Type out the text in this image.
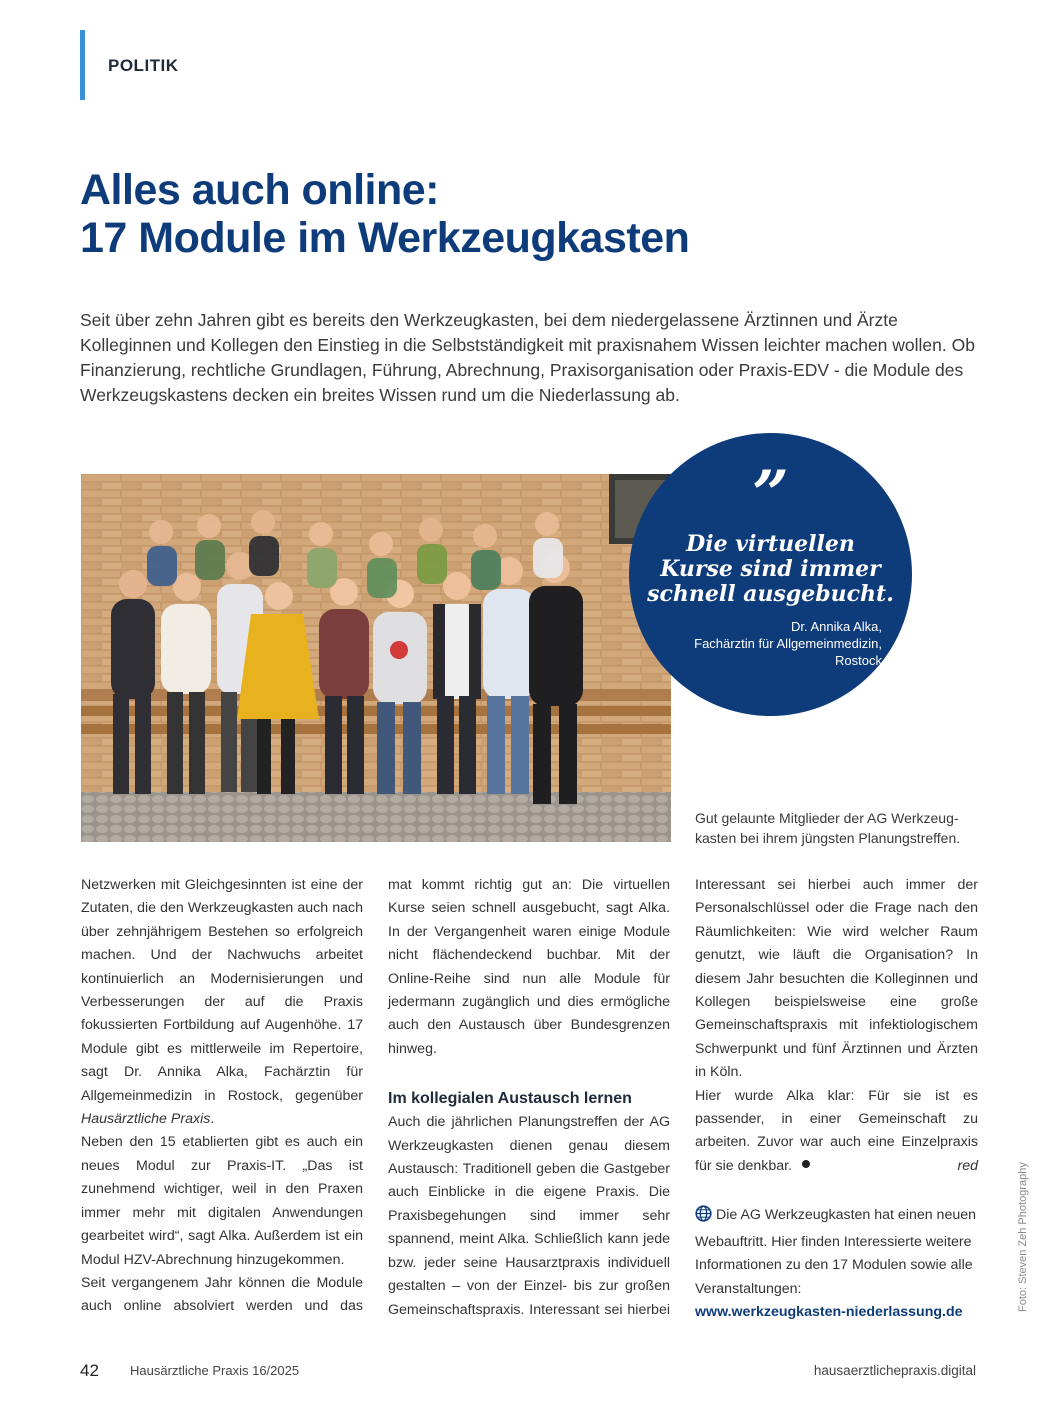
POLITIK
Alles auch online:
17 Module im Werkzeugkasten

Seit über zehn Jahren gibt es bereits den Werkzeugkasten, bei dem niedergelassene Ärztinnen und Ärzte Kolleginnen und Kollegen den Einstieg in die Selbstständigkeit mit praxisnahem Wissen leichter machen wollen. Ob Finanzierung, rechtliche Grundlagen, Führung, Abrechnung, Praxisorganisation oder Praxis-EDV - die Module des Werkzeugskastens decken ein breites Wissen rund um die Niederlassung ab.

”
Die virtuellen
Kurse sind immer
schnell ausgebucht.
Dr. Annika Alka,
Fachärztin für Allgemeinmedizin,
Rostock
Gut gelaunte Mitglieder der AG Werkzeug-
kasten bei ihrem jüngsten Planungstreffen.

Netzwerken mit Gleichgesinnten ist eine der Zutaten, die den Werkzeugkasten auch nach über zehnjährigem Bestehen so erfolgreich machen. Und der Nachwuchs arbeitet kontinuierlich an Modernisierungen und Verbesserungen der auf die Praxis fokussierten Fortbildung auf Augenhöhe. 17 Module gibt es mittlerweile im Repertoire, sagt Dr. Annika Alka, Fachärztin für Allgemeinmedizin in Rostock, gegenüber Hausärztliche Praxis.

Neben den 15 etablierten gibt es auch ein neues Modul zur Praxis-IT. „Das ist zunehmend wichtiger, weil in den Praxen immer mehr mit digitalen Anwendungen gearbeitet wird“, sagt Alka. Außerdem ist ein Modul HZV-Abrechnung hinzugekommen.

Seit vergangenem Jahr können die Module auch online absolviert werden und das

mat kommt richtig gut an: Die virtuellen Kurse seien schnell ausgebucht, sagt Alka. In der Vergangenheit waren einige Module nicht flächendeckend buchbar. Mit der Online-Reihe sind nun alle Module für jedermann zugänglich und dies ermögliche auch den Austausch über Bundesgrenzen hinweg.

Im kollegialen Austausch lernen

Auch die jährlichen Planungstreffen der AG Werkzeugkasten dienen genau diesem Austausch: Traditionell geben die Gastgeber auch Einblicke in die eigene Praxis. Die Praxisbegehungen sind immer sehr spannend, meint Alka. Schließlich kann jede bzw. jeder seine Hausarztpraxis individuell gestalten – von der Einzel- bis zur großen Gemeinschaftspraxis. Interessant sei hierbei

Interessant sei hierbei auch immer der Personalschlüssel oder die Frage nach den Räumlichkeiten: Wie wird welcher Raum genutzt, wie läuft die Organisation? In diesem Jahr besuchten die Kolleginnen und Kollegen beispielsweise eine große Gemeinschaftspraxis mit infektiologischem Schwerpunkt und fünf Ärztinnen und Ärzten in Köln.

Hier wurde Alka klar: Für sie ist es passender, in einer Gemeinschaft zu arbeiten. Zuvor war auch eine Einzelpraxis für sie denkbar.	red

Die AG Werkzeugkasten hat einen neuen Webauftritt. Hier finden Interessierte weitere Informationen zu den 17 Modulen sowie alle Veranstaltungen:
www.werkzeugkasten-niederlassung.de	Foto: Steven Zeh Photography
42 Hausärztliche Praxis 16/2025	hausaerztlichepraxis.digital
